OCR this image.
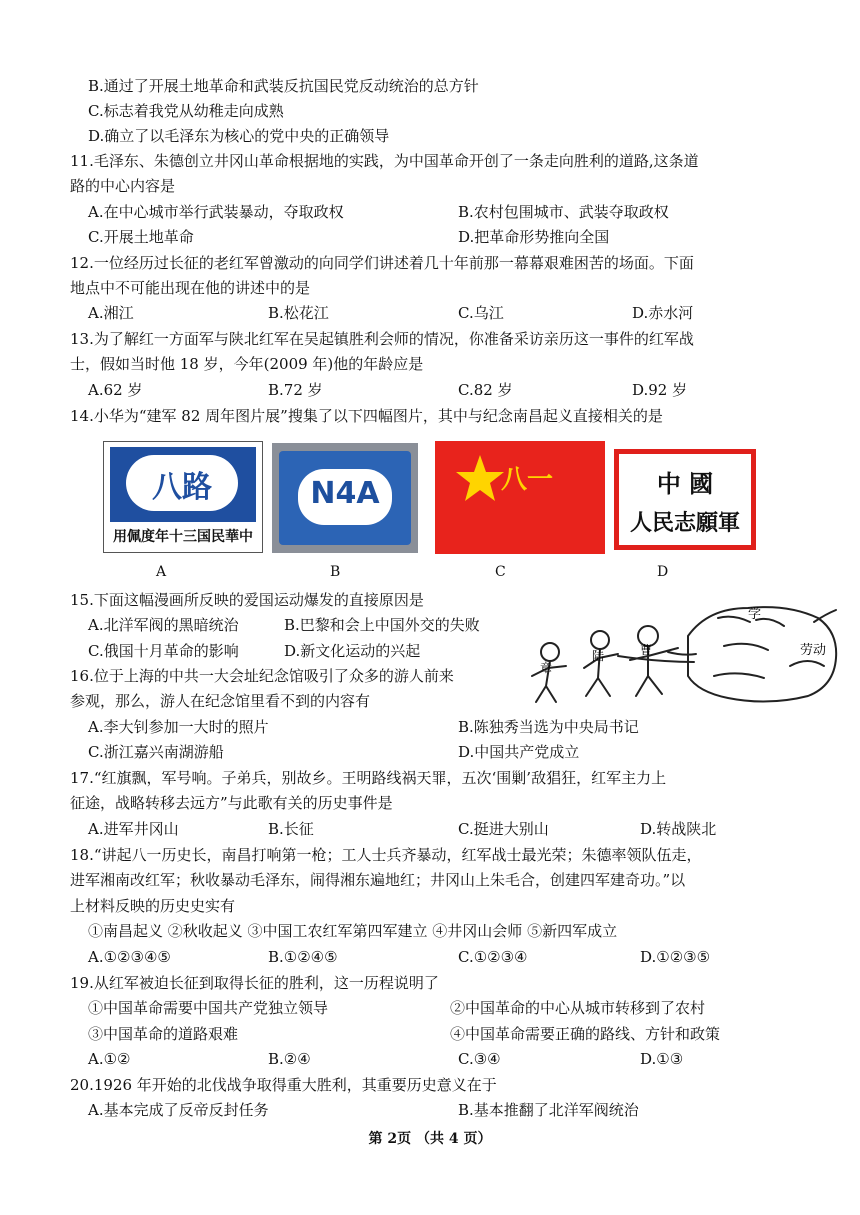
B.通过了开展土地革命和武装反抗国民党反动统治的总方针
C.标志着我党从幼稚走向成熟
D.确立了以毛泽东为核心的党中央的正确领导
11.毛泽东、朱德创立井冈山革命根据地的实践，为中国革命开创了一条走向胜利的道路,这条道
路的中心内容是
A.在中心城市举行武装暴动，夺取政权	B.农村包围城市、武装夺取政权
C.开展土地革命	D.把革命形势推向全国
12.一位经历过长征的老红军曾激动的向同学们讲述着几十年前那一幕幕艰难困苦的场面。下面
地点中不可能出现在他的讲述中的是
A.湘江	B.松花江	C.乌江	D.赤水河
13.为了解红一方面军与陕北红军在吴起镇胜利会师的情况，你准备采访亲历这一事件的红军战
士，假如当时他 18 岁，今年(2009 年)他的年龄应是
A.62 岁	B.72 岁	C.82 岁	D.92 岁
14.小华为“建军 82 周年图片展”搜集了以下四幅图片，其中与纪念南昌起义直接相关的是
八路
用佩度年十三国民華中
N4A	八一	中 國
人民志願軍
A	B	C	D
15.下面这幅漫画所反映的爱国运动爆发的直接原因是
A.北洋军阀的黑暗统治	B.巴黎和会上中国外交的失败
C.俄国十月革命的影响	D.新文化运动的兴起
学
劳动
章
陆	曹
16.位于上海的中共一大会址纪念馆吸引了众多的游人前来
参观，那么，游人在纪念馆里看不到的内容有
A.李大钊参加一大时的照片	B.陈独秀当选为中央局书记
C.浙江嘉兴南湖游船	D.中国共产党成立
17.“红旗飘，军号响。子弟兵，别故乡。王明路线祸天罪，五次‘围剿’敌猖狂，红军主力上
征途，战略转移去远方”与此歌有关的历史事件是
A.进军井冈山	B.长征	C.挺进大别山	D.转战陕北
18.“讲起八一历史长，南昌打响第一枪；工人士兵齐暴动，红军战士最光荣；朱德率领队伍走，
进军湘南改红军；秋收暴动毛泽东，闹得湘东遍地红；井冈山上朱毛合，创建四军建奇功。”以
上材料反映的历史史实有
①南昌起义 ②秋收起义 ③中国工农红军第四军建立 ④井冈山会师 ⑤新四军成立
A.①②③④⑤	B.①②④⑤	C.①②③④	D.①②③⑤
19.从红军被迫长征到取得长征的胜利，这一历程说明了
①中国革命需要中国共产党独立领导	②中国革命的中心从城市转移到了农村
③中国革命的道路艰难	④中国革命需要正确的路线、方针和政策
A.①②	B.②④	C.③④	D.①③
20.1926 年开始的北伐战争取得重大胜利，其重要历史意义在于
A.基本完成了反帝反封任务	B.基本推翻了北洋军阀统治
第 2页 （共 4 页）
